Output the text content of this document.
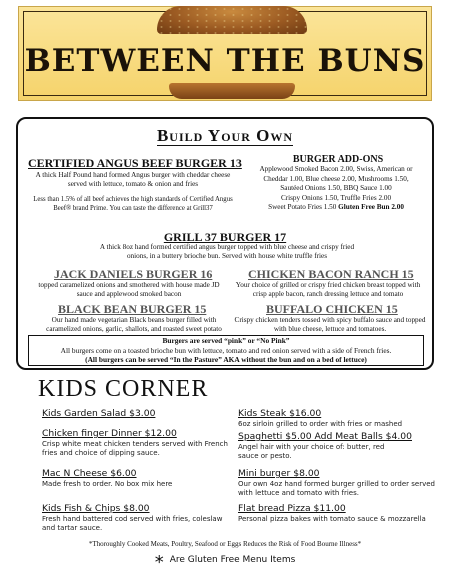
BETWEEN THE BUNS
Build Your Own
CERTIFIED ANGUS BEEF BURGER 13
A thick Half Pound hand formed Angus burger with cheddar cheese served with lettuce, tomato & onion and fries
Less than 1.5% of all beef achieves the high standards of Certified Angus Beef® brand Prime. You can taste the difference at Grill37
BURGER ADD-ONS
Applewood Smoked Bacon 2.00, Swiss, American or
Cheddar 1.00, Blue cheese 2.00, Mushrooms 1.50,
Sautéed Onions 1.50, BBQ Sauce 1.00
Crispy Onions 1.50, Truffle Fries 2.00
Sweet Potato Fries 1.50 Gluten Free Bun 2.00
GRILL 37 BURGER 17
A thick 8oz hand formed certified angus burger topped with blue cheese and crispy fried onions, in a buttery brioche bun. Served with house white truffle fries
JACK DANIELS BURGER 16
topped caramelized onions and smothered with house made JD sauce and applewood smoked bacon
CHICKEN BACON RANCH 15
Your choice of grilled or crispy fried chicken breast topped with crisp apple bacon, ranch dressing lettuce and tomato
BLACK BEAN BURGER 15
Our hand made vegetarian Black beans burger filled with caramelized onions, garlic, shallots, and roasted sweet potato
BUFFALO CHICKEN 15
Crispy chicken tenders tossed with spicy buffalo sauce and topped with blue cheese, lettuce and tomatoes.
Burgers are served “pink” or “No Pink”
All burgers come on a toasted brioche bun with lettuce, tomato and red onion served with a side of French fries.
(All burgers can be served “In the Pasture” AKA without the bun and on a bed of lettuce)
KIDS CORNER
Kids Garden Salad $3.00	Kids Steak $16.00
6oz sirloin grilled to order with fries or mashed
Chicken finger Dinner $12.00
Crisp white meat chicken tenders served with French fries and choice of dipping sauce.
Spaghetti $5.00 Add Meat Balls $4.00
Angel hair with your choice of: butter, red sauce or pesto.
Mac N Cheese $6.00
Made fresh to order. No box mix here
Mini burger $8.00
Our own 4oz hand formed burger grilled to order served with lettuce and tomato with fries.
Kids Fish & Chips $8.00
Fresh hand battered cod served with fries, coleslaw and tartar sauce.
Flat bread Pizza $11.00
Personal pizza bakes with tomato sauce & mozzarella
*Thoroughly Cooked Meats, Poultry, Seafood or Eggs Reduces the Risk of Food Bourne Illness*
* Are Gluten Free Menu Items
